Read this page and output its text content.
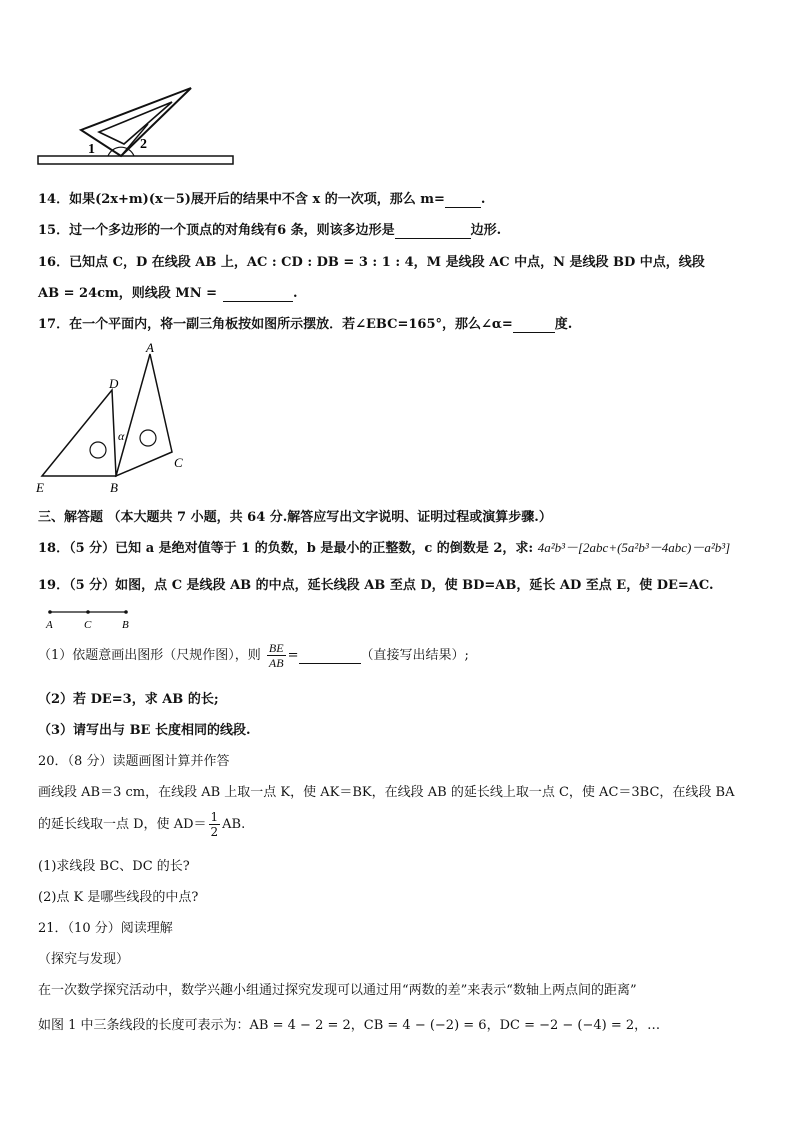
1	2
14．如果(2x+m)(x－5)展开后的结果中不含 x 的一次项，那么 m=	.
15．过一个多边形的一个顶点的对角线有6 条，则该多边形是	边形.
16．已知点 C，D 在线段 AB 上，AC : CD : DB = 3 : 1 : 4，M 是线段 AC 中点，N 是线段 BD 中点，线段
AB = 24cm，则线段 MN =	.
17．在一个平面内，将一副三角板按如图所示摆放．若∠EBC=165°，那么∠α=	度.
A
D
E	B
C
α
三、解答题 （本大题共 7 小题，共 64 分.解答应写出文字说明、证明过程或演算步骤.）
18．（5 分）已知 a 是绝对值等于 1 的负数，b 是最小的正整数，c 的倒数是 2，求: 4a²b³－[2abc+(5a²b³－4abc)－a²b³]
19．（5 分）如图，点 C 是线段 AB 的中点，延长线段 AB 至点 D，使 BD=AB，延长 AD 至点 E，使 DE=AC.
A	C	B
（1）依题意画出图形（尺规作图），则 $\frac{BE}{AB}$ =	（直接写出结果）;
（2）若 DE=3，求 AB 的长;
（3）请写出与 BE 长度相同的线段.
20．（8 分）读题画图计算并作答
画线段 AB＝3 cm，在线段 AB 上取一点 K，使 AK＝BK，在线段 AB 的延长线上取一点 C，使 AC＝3BC，在线段 BA
的延长线取一点 D，使 $AD= \frac{1}{2}$ AB.
(1)求线段 BC、DC 的长?
(2)点 K 是哪些线段的中点?
21．（10 分）阅读理解
（探究与发现）
在一次数学探究活动中，数学兴趣小组通过探究发现可以通过用“两数的差”来表示“数轴上两点间的距离”
如图 1 中三条线段的长度可表示为：AB = 4 − 2 = 2，CB = 4 − (−2) = 6，DC = −2 − (−4) = 2，…
